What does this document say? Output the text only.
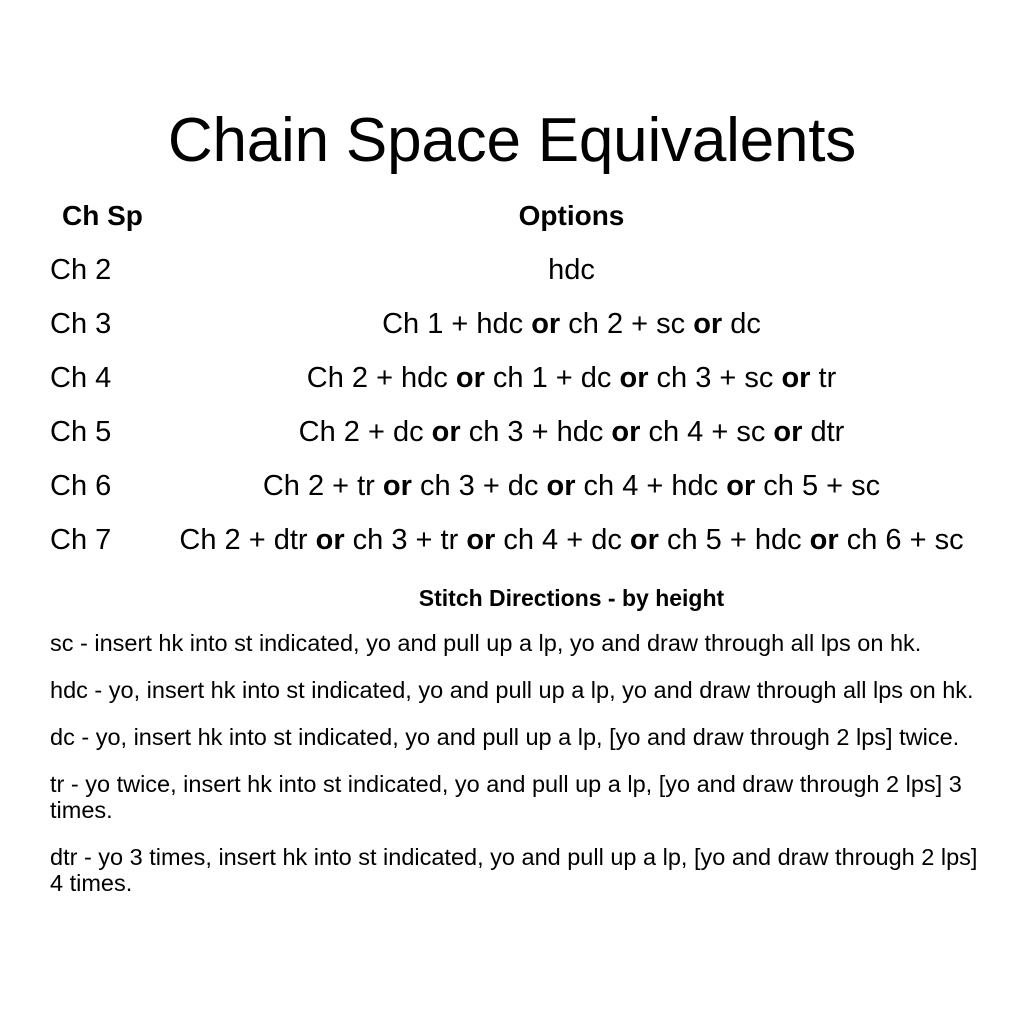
Chain Space Equivalents
Ch Sp	Options
Ch 2	hdc
Ch 3	Ch 1 + hdc or ch 2 + sc or dc
Ch 4	Ch 2 + hdc or ch 1 + dc or ch 3 + sc or tr
Ch 5	Ch 2 + dc or ch 3 + hdc or ch 4 + sc or dtr
Ch 6	Ch 2 + tr or ch 3 + dc or ch 4 + hdc or ch 5 + sc
Ch 7	Ch 2 + dtr or ch 3 + tr or ch 4 + dc or ch 5 + hdc or ch 6 + sc
Stitch Directions - by height

sc - insert hk into st indicated, yo and pull up a lp, yo and draw through all lps on hk.

hdc - yo, insert hk into st indicated, yo and pull up a lp, yo and draw through all lps on hk.

dc - yo, insert hk into st indicated, yo and pull up a lp, [yo and draw through 2 lps] twice.

tr - yo twice, insert hk into st indicated, yo and pull up a lp, [yo and draw through 2 lps] 3 times.

dtr - yo 3 times, insert hk into st indicated, yo and pull up a lp, [yo and draw through 2 lps] 4 times.
